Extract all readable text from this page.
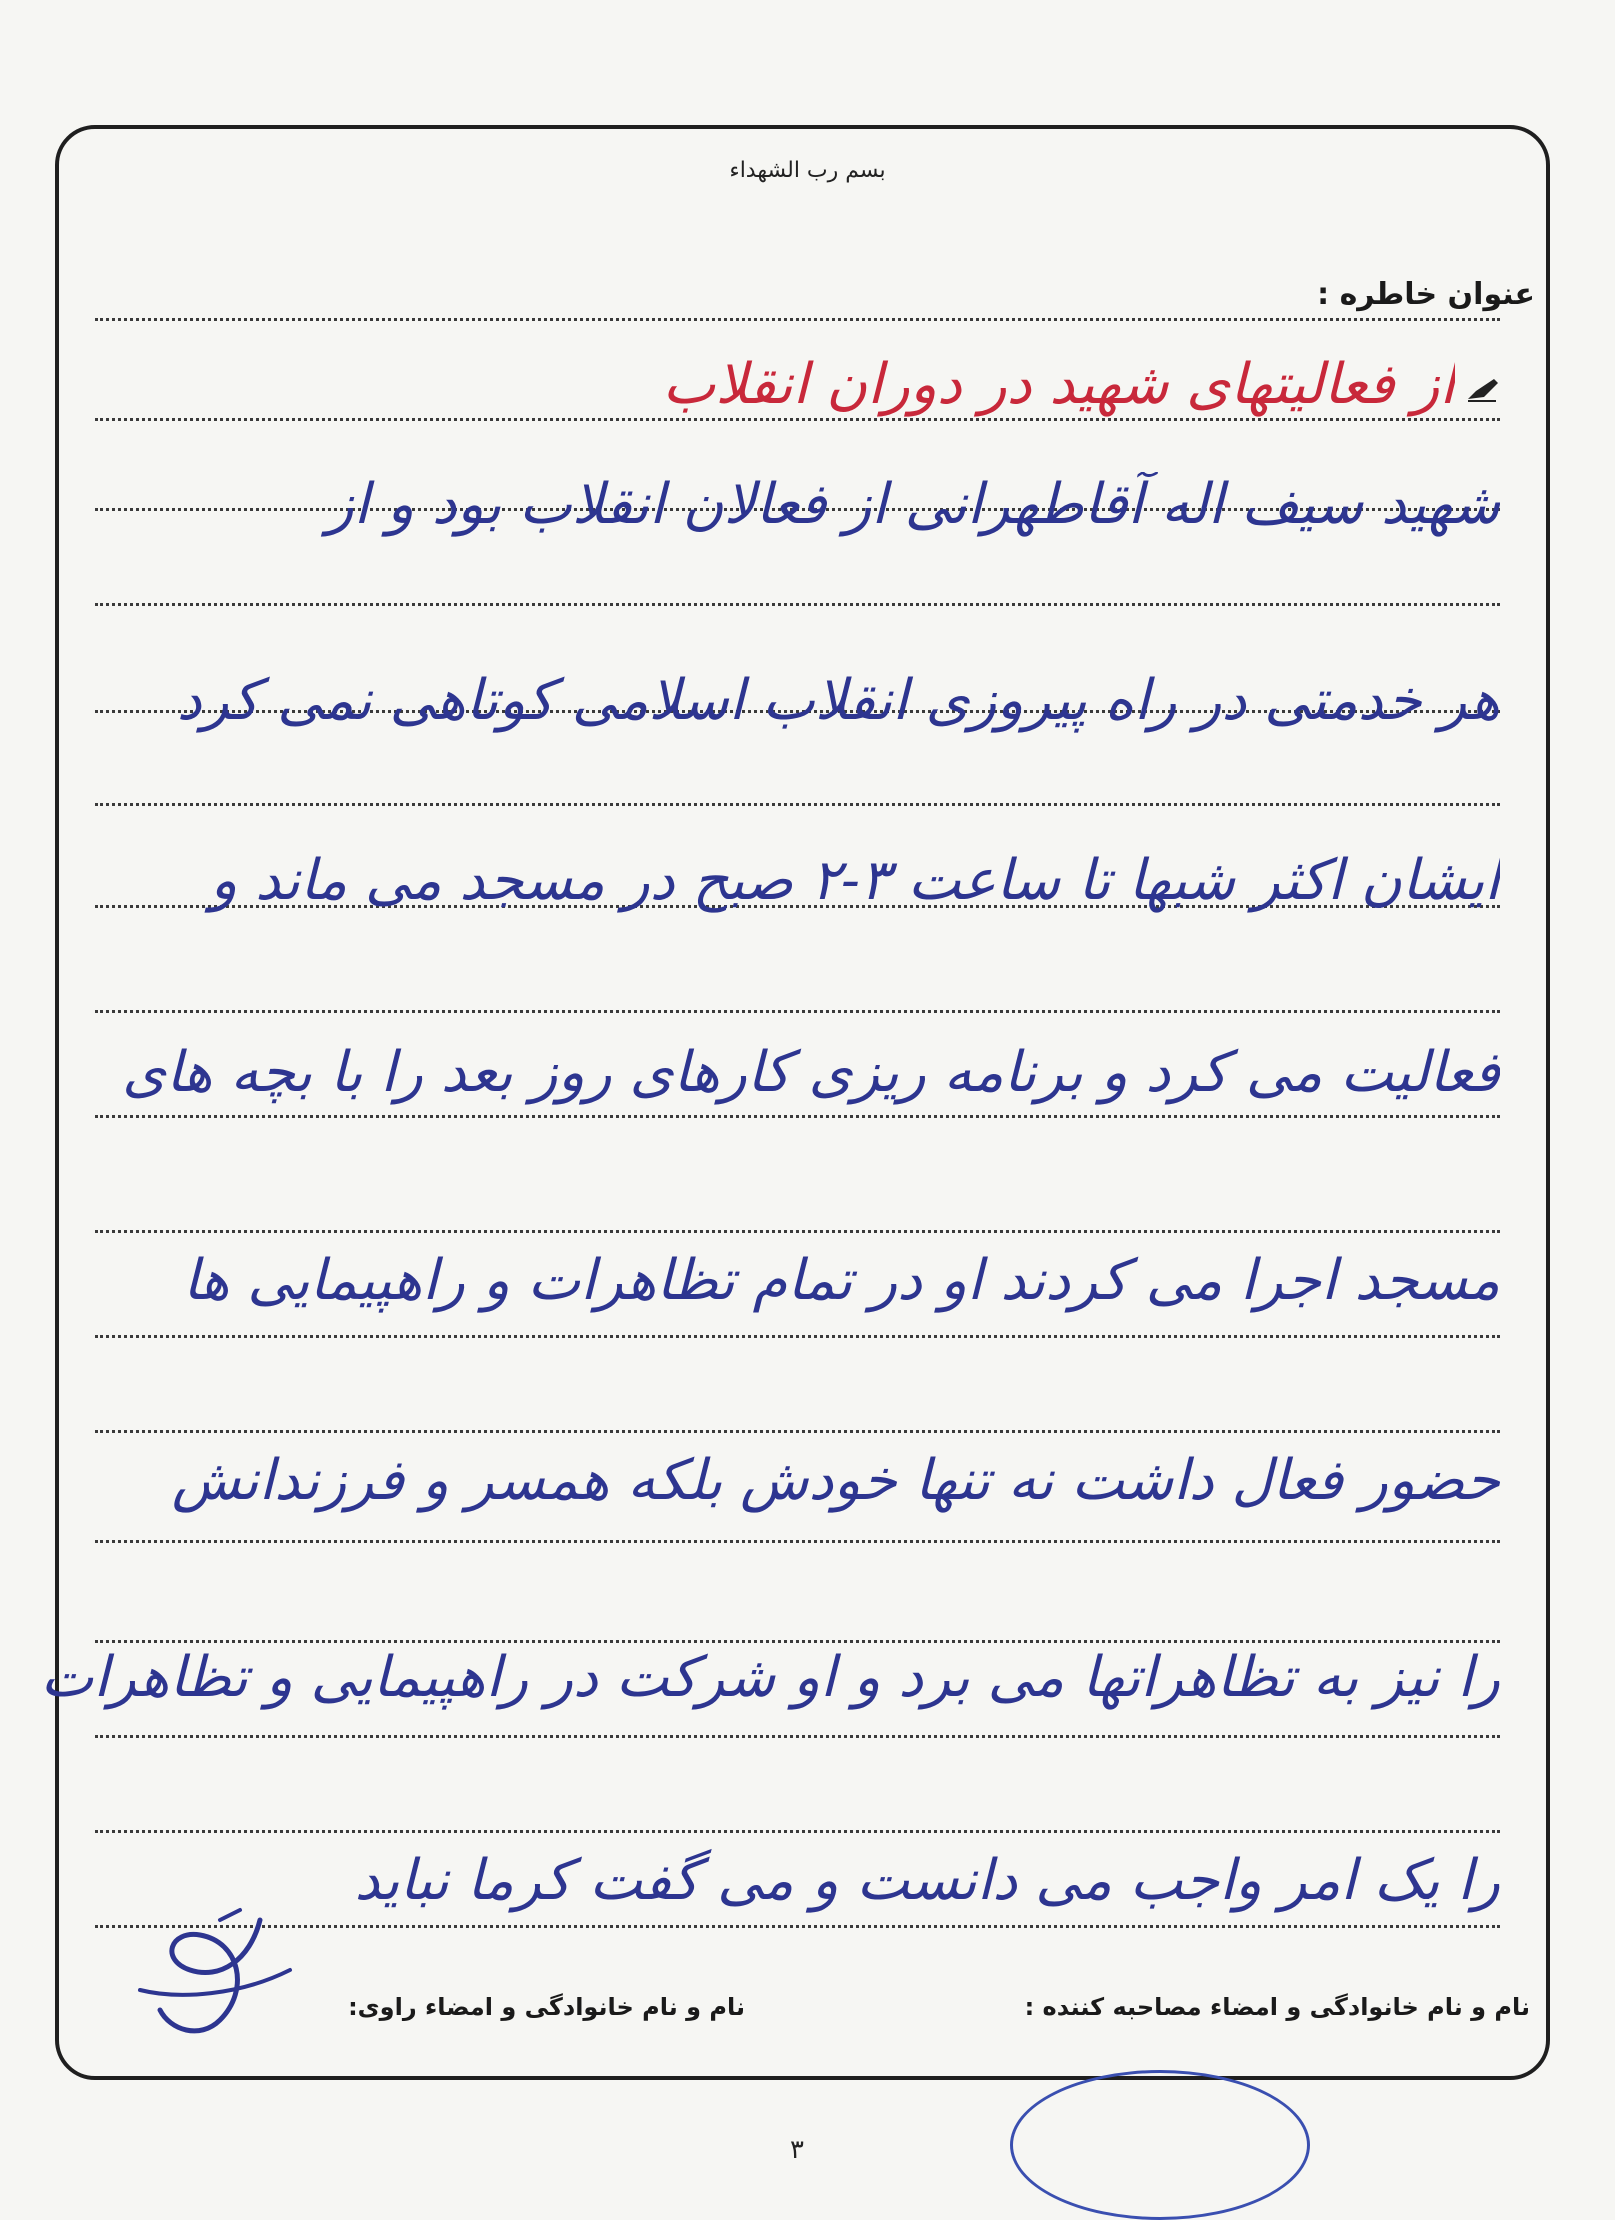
بسم رب الشهداء
عنوان خاطره :
از فعالیتهای شهید در دوران انقلاب
شهید سیف اله آقاطهرانی از فعالان انقلاب بود و از
هر خدمتی در راه پیروزی انقلاب اسلامی کوتاهی نمی کرد
ایشان اکثر شبها تا ساعت ۳-۲ صبح در مسجد می ماند و
فعالیت می کرد و برنامه ریزی کارهای روز بعد را با بچه های
مسجد اجرا می کردند او در تمام تظاهرات و راهپیمایی ها
حضور فعال داشت نه تنها خودش بلکه همسر و فرزندانش
را نیز به تظاهراتها می برد و او شرکت در راهپیمایی و تظاهرات
را یک امر واجب می دانست و می گفت کرما نباید
نام و نام خانوادگی و امضاء مصاحبه کننده :
نام و نام خانوادگی و امضاء راوی:
۳
